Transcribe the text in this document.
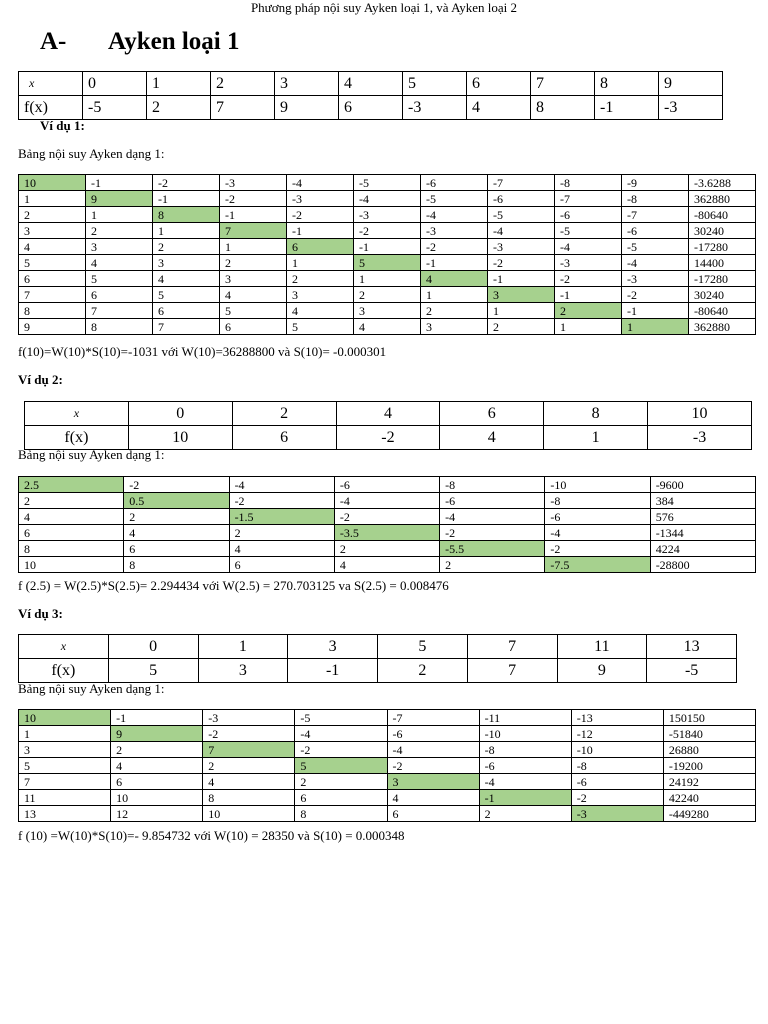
Phương pháp nội suy Ayken loại 1, và Ayken loại 2
A- Ayken loại 1
x	0	1	2	3	4	5	6	7	8	9
f(x)	-5	2	7	9	6	-3	4	8	-1	-3
Ví dụ 1:
Bảng nội suy Ayken dạng 1:
10	-1	-2	-3	-4	-5	-6	-7	-8	-9	-3.6288
1	9	-1	-2	-3	-4	-5	-6	-7	-8	362880
2	1	8	-1	-2	-3	-4	-5	-6	-7	-80640
3	2	1	7	-1	-2	-3	-4	-5	-6	30240
4	3	2	1	6	-1	-2	-3	-4	-5	-17280
5	4	3	2	1	5	-1	-2	-3	-4	14400
6	5	4	3	2	1	4	-1	-2	-3	-17280
7	6	5	4	3	2	1	3	-1	-2	30240
8	7	6	5	4	3	2	1	2	-1	-80640
9	8	7	6	5	4	3	2	1	1	362880
f(10)=W(10)*S(10)=-1031 với W(10)=36288800 và S(10)= -0.000301
Ví dụ 2:
x	0	2	4	6	8	10
f(x)	10	6	-2	4	1	-3
Bảng nội suy Ayken dạng 1:
2.5	-2	-4	-6	-8	-10	-9600
2	0.5	-2	-4	-6	-8	384
4	2	-1.5	-2	-4	-6	576
6	4	2	-3.5	-2	-4	-1344
8	6	4	2	-5.5	-2	4224
10	8	6	4	2	-7.5	-28800
f (2.5) = W(2.5)*S(2.5)= 2.294434 với W(2.5) = 270.703125 va S(2.5) = 0.008476
Ví dụ 3:
x	0	1	3	5	7	11	13
f(x)	5	3	-1	2	7	9	-5
Bảng nội suy Ayken dạng 1:
10	-1	-3	-5	-7	-11	-13	150150
1	9	-2	-4	-6	-10	-12	-51840
3	2	7	-2	-4	-8	-10	26880
5	4	2	5	-2	-6	-8	-19200
7	6	4	2	3	-4	-6	24192
11	10	8	6	4	-1	-2	42240
13	12	10	8	6	2	-3	-449280
f (10) =W(10)*S(10)=- 9.854732 với W(10) = 28350 và S(10) = 0.000348
